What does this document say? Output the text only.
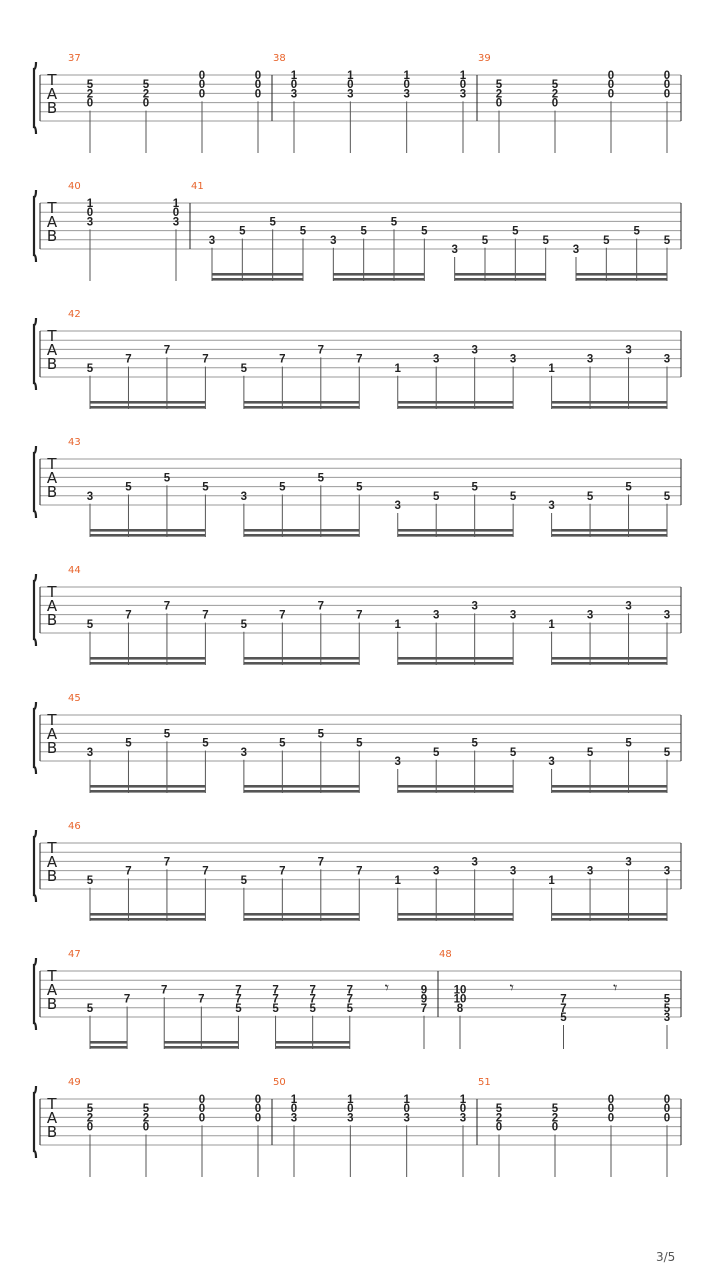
T
A
B
37
5
2
0
5
2
0
0
0
0
0
0
0
38
1
0
3
1
0
3
1
0
3
1
0
3
39
5
2
0
5
2
0
0
0
0
0
0
0
T
A
B
40
1
0
3
1
0
3
41
3
5
5
5
3
5
5
5
3
5
5
5
3
5
5
5
T
A
B
42
5
7
7
7
5
7
7
7
1
3
3
3
1
3
3
3
T
A
B
43
3
5
5
5
3
5
5
5
3
5
5
5
3
5
5
5
T
A
B
44
5
7
7
7
5
7
7
7
1
3
3
3
1
3
3
3
T
A
B
45
3
5
5
5
3
5
5
5
3
5
5
5
3
5
5
5
T
A
B
46
5
7
7
7
5
7
7
7
1
3
3
3
1
3
3
3
T
A
B
47
5
7
7
7
7
7
5
7
7
5
7
7
5
7
7
5
𝄾	9
9
7
48
10
10
8
𝄾
7
7
5
𝄾
5
5
3
T
A
B
49
5
2
0
5
2
0
0
0
0
0
0
0
50
1
0
3
1
0
3
1
0
3
1
0
3
51
5
2
0
5
2
0
0
0
0
0
0
0
3/5
